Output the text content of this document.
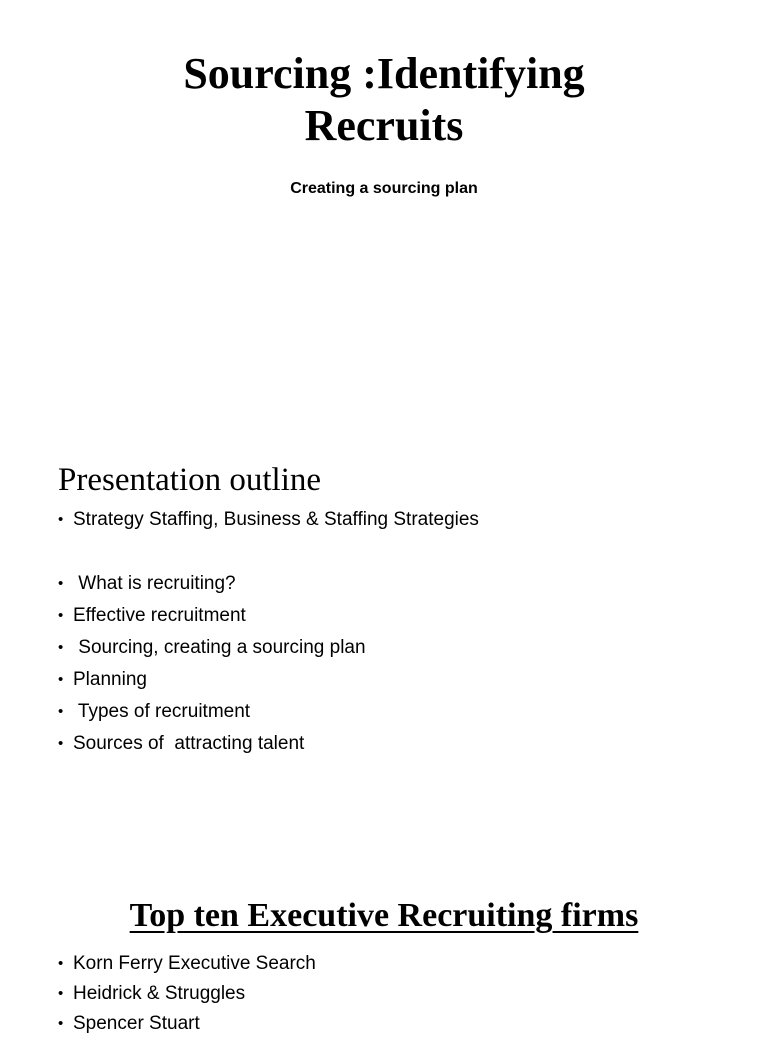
Sourcing :Identifying
Recruits

Creating a sourcing plan

Presentation outline
• Strategy Staffing, Business & Staffing Strategies
•  What is recruiting?
• Effective recruitment
•  Sourcing, creating a sourcing plan
• Planning
•  Types of recruitment
• Sources of  attracting talent
Top ten Executive Recruiting firms
• Korn Ferry Executive Search
• Heidrick & Struggles
• Spencer Stuart
